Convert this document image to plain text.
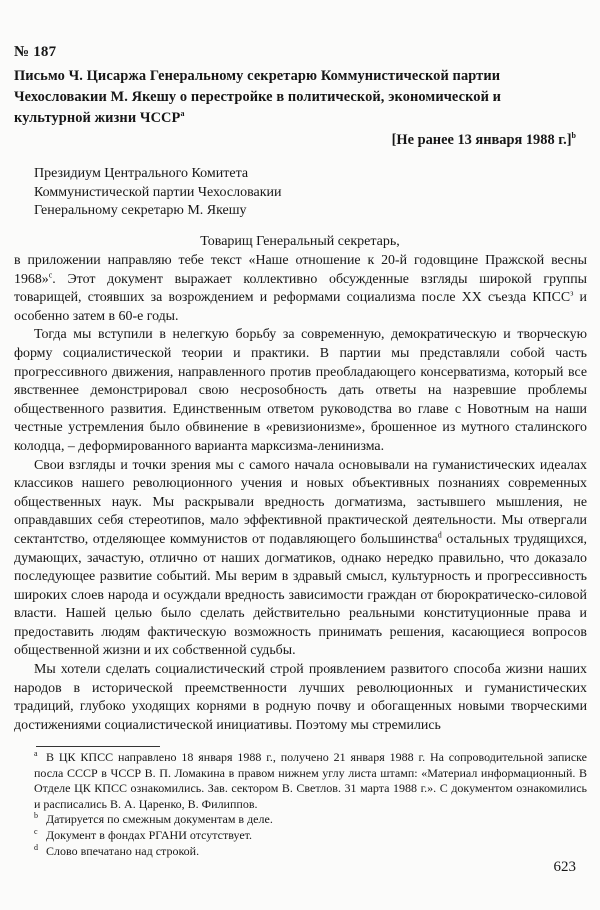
№ 187
Письмо Ч. Цисаржа Генеральному секретарю Коммунистической партии Чехословакии М. Якешу о перестройке в политической, экономической и культурной жизни ЧССР$^a$
[Не ранее 13 января 1988 г.]$^b$
Президиум Центрального Комитета
Коммунистической партии Чехословакии
Генеральному секретарю М. Якешу
Товарищ Генеральный секретарь,

в приложении направляю тебе текст «Наше отношение к 20-й годовщине Пражской весны 1968»$^c$. Этот документ выражает коллективно обсужденные взгляды широкой группы товарищей, стоявших за возрождением и реформами социализма после XX съезда $КПСС^з$ и особенно затем в 60-е годы.

Тогда мы вступили в нелегкую борьбу за современную, демократическую и творческую форму социалистической теории и практики. В партии мы представляли собой часть прогрессивного движения, направленного против преобладающего консерватизма, который все явственнее демонстрировал свою несposобность дать ответы на назревшие проблемы общественного развития. Единственным ответом руководства во главе с Новотным на наши честные устремления было обвинение в «ревизионизме», брошенное из мутного сталинского колодца, – деформированного варианта марксизма-ленинизма.

Свои взгляды и точки зрения мы с самого начала основывали на гуманистических идеалах классиков нашего революционного учения и новых объективных познаниях современных общественных наук. Мы раскрывали вредность догматизма, застывшего мышления, не оправдавших себя стереотипов, мало эффективной практической деятельности. Мы отвергали сектантство, отделяющее коммунистов от подавляющего большинства$^d$ остальных трудящихся, думающих, зачастую, отлично от наших догматиков, однако нередко правильно, что доказало последующее развитие событий. Мы верим в здравый смысл, культурность и прогрессивность широких слоев народа и осуждали вредность зависимости граждан от бюрократическо-силовой власти. Нашей целью было сделать действительно реальными конституционные права и предоставить людям фактическую возможность принимать решения, касающиеся вопросов общественной жизни и их собственной судьбы.

Мы хотели сделать социалистический строй проявлением развитого способа жизни наших народов в исторической преемственности лучших революционных и гуманистических традиций, глубоко уходящих корнями в родную почву и обогащенных новыми творческими достижениями социалистической инициативы. Поэтому мы стремились

a В ЦК КПСС направлено 18 января 1988 г., получено 21 января 1988 г. На сопроводительной записке посла СССР в ЧССР В. П. Ломакина в правом нижнем углу листа штамп: «Материал информационный. В Отделе ЦК КПСС ознакомились. Зав. сектором В. Светлов. 31 марта 1988 г.». С документом ознакомились и расписались В. А. Царенко, В. Филиппов.
b Датируется по смежным документам в деле.
c Документ в фондах РГАНИ отсутствует.
d Слово впечатано над строкой.
623
